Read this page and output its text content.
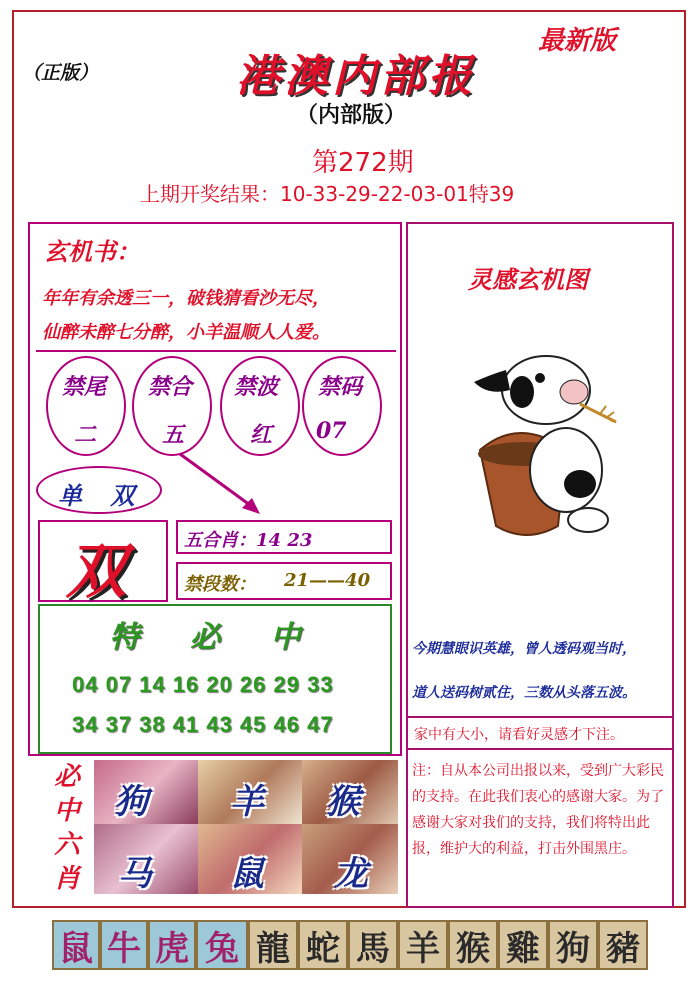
（正版）	港澳内部报
最新版
（内部版）
第272期
上期开奖结果：10-33-29-22-03-01特39
玄机书：
年年有余透三一，破钱猜看沙无尽，
仙醉未醉七分醉，小羊温顺人人爱。
禁尾
二
禁合
五
禁波
红
禁码
07
单 双
双	五合肖：14 23
禁段数： 21——40
特 必 中
04 07 14 16 20 26 29 33
34 37 38 41 43 45 46 47
必
中
六
肖
狗 羊 猴
马 鼠 龙
灵感玄机图
今期慧眼识英雄，曾人透码观当时，
道人送码树贰住，三数从头落五波。
家中有大小，请看好灵感才下注。
注：自从本公司出报以来，受到广大彩民的支持。在此我们衷心的感谢大家。为了感谢大家对我们的支持，我们将特出此报，维护大的利益，打击外围黑庄。
鼠 牛 虎 兔 龍 蛇 馬 羊 猴 雞 狗 豬
